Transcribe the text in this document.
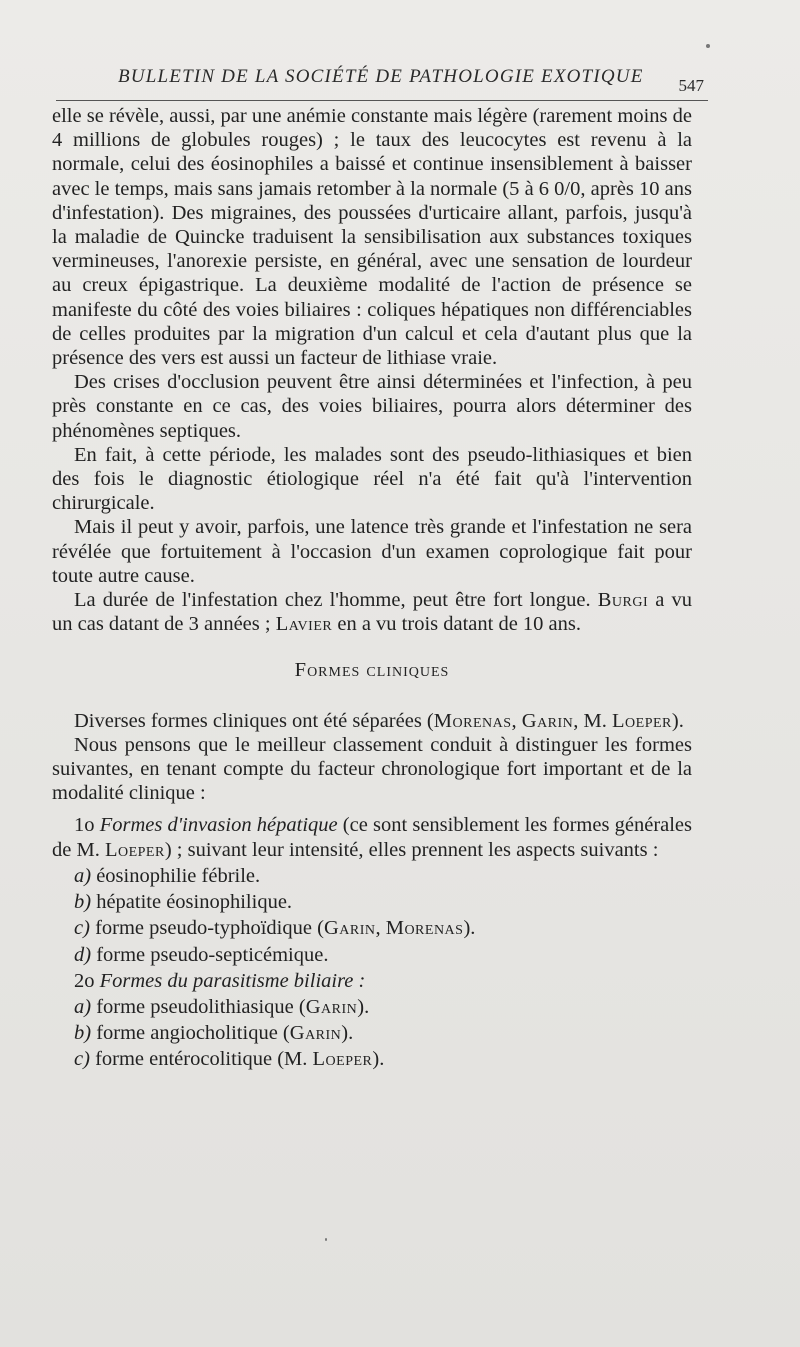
BULLETIN DE LA SOCIÉTÉ DE PATHOLOGIE EXOTIQUE 547

elle se révèle, aussi, par une anémie constante mais légère (rarement moins de 4 millions de globules rouges) ; le taux des leucocytes est revenu à la normale, celui des éosinophiles a baissé et continue insensiblement à baisser avec le temps, mais sans jamais retomber à la normale (5 à 6 0/0, après 10 ans d'infestation). Des migraines, des poussées d'urticaire allant, parfois, jusqu'à la maladie de Quincke traduisent la sensibilisation aux substances toxiques vermineuses, l'anorexie persiste, en général, avec une sensation de lourdeur au creux épigastrique. La deuxième modalité de l'action de présence se manifeste du côté des voies biliaires : coliques hépatiques non différenciables de celles produites par la migration d'un calcul et cela d'autant plus que la présence des vers est aussi un facteur de lithiase vraie.

Des crises d'occlusion peuvent être ainsi déterminées et l'infection, à peu près constante en ce cas, des voies biliaires, pourra alors déterminer des phénomènes septiques.

En fait, à cette période, les malades sont des pseudo-lithiasiques et bien des fois le diagnostic étiologique réel n'a été fait qu'à l'intervention chirurgicale.

Mais il peut y avoir, parfois, une latence très grande et l'infestation ne sera révélée que fortuitement à l'occasion d'un examen coprologique fait pour toute autre cause.

La durée de l'infestation chez l'homme, peut être fort longue. Burgi a vu un cas datant de 3 années ; Lavier en a vu trois datant de 10 ans.

Formes cliniques

Diverses formes cliniques ont été séparées (Morenas, Garin, M. Loeper).

Nous pensons que le meilleur classement conduit à distinguer les formes suivantes, en tenant compte du facteur chronologique fort important et de la modalité clinique :

1o Formes d'invasion hépatique (ce sont sensiblement les formes générales de M. Loeper) ; suivant leur intensité, elles prennent les aspects suivants :

a) éosinophilie fébrile.
b) hépatite éosinophilique.
c) forme pseudo-typhoïdique (Garin, Morenas).
d) forme pseudo-septicémique.

2o Formes du parasitisme biliaire :

a) forme pseudolithiasique (Garin).
b) forme angiocholitique (Garin).
c) forme entérocolitique (M. Loeper).
